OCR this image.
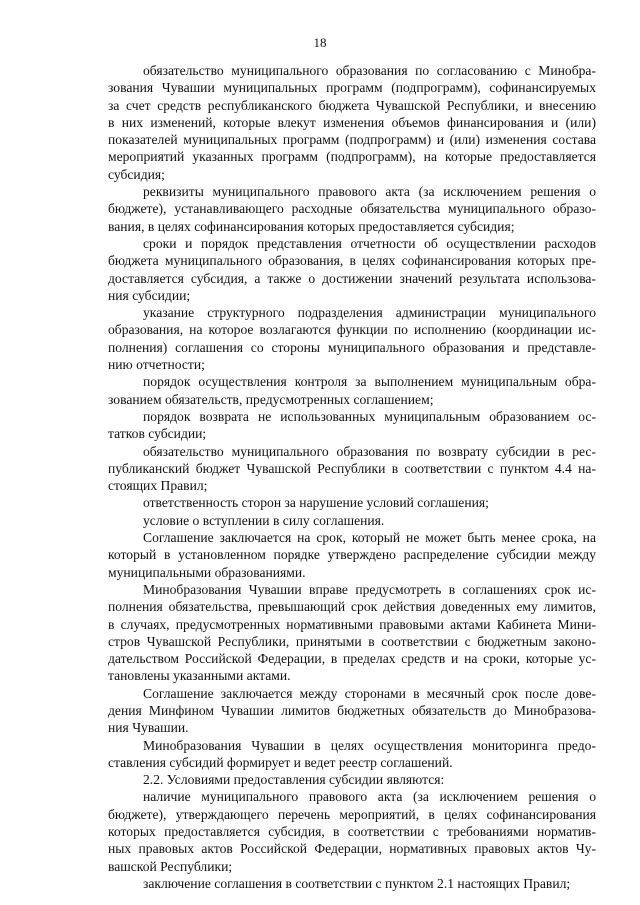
18
обязательство муниципального образования по согласованию с Минобра-
зования Чувашии муниципальных программ (подпрограмм), софинансируемых
за счет средств республиканского бюджета Чувашской Республики, и внесению
в них изменений, которые влекут изменения объемов финансирования и (или)
показателей муниципальных программ (подпрограмм) и (или) изменения состава
мероприятий указанных программ (подпрограмм), на которые предоставляется
субсидия;
реквизиты муниципального правового акта (за исключением решения о
бюджете), устанавливающего расходные обязательства муниципального образо-
вания, в целях софинансирования которых предоставляется субсидия;
сроки и порядок представления отчетности об осуществлении расходов
бюджета муниципального образования, в целях софинансирования которых пре-
доставляется субсидия, а также о достижении значений результата использова-
ния субсидии;
указание структурного подразделения администрации муниципального
образования, на которое возлагаются функции по исполнению (координации ис-
полнения) соглашения со стороны муниципального образования и представле-
нию отчетности;
порядок осуществления контроля за выполнением муниципальным обра-
зованием обязательств, предусмотренных соглашением;
порядок возврата не использованных муниципальным образованием ос-
татков субсидии;
обязательство муниципального образования по возврату субсидии в рес-
публиканский бюджет Чувашской Республики в соответствии с пунктом 4.4 на-
стоящих Правил;
ответственность сторон за нарушение условий соглашения;
условие о вступлении в силу соглашения.
Соглашение заключается на срок, который не может быть менее срока, на
который в установленном порядке утверждено распределение субсидии между
муниципальными образованиями.
Минобразования Чувашии вправе предусмотреть в соглашениях срок ис-
полнения обязательства, превышающий срок действия доведенных ему лимитов,
в случаях, предусмотренных нормативными правовыми актами Кабинета Мини-
стров Чувашской Республики, принятыми в соответствии с бюджетным законо-
дательством Российской Федерации, в пределах средств и на сроки, которые ус-
тановлены указанными актами.
Соглашение заключается между сторонами в месячный срок после дове-
дения Минфином Чувашии лимитов бюджетных обязательств до Минобразова-
ния Чувашии.
Минобразования Чувашии в целях осуществления мониторинга предо-
ставления субсидий формирует и ведет реестр соглашений.
2.2. Условиями предоставления субсидии являются:
наличие муниципального правового акта (за исключением решения о
бюджете), утверждающего перечень мероприятий, в целях софинансирования
которых предоставляется субсидия, в соответствии с требованиями норматив-
ных правовых актов Российской Федерации, нормативных правовых актов Чу-
вашской Республики;
заключение соглашения в соответствии с пунктом 2.1 настоящих Правил;
